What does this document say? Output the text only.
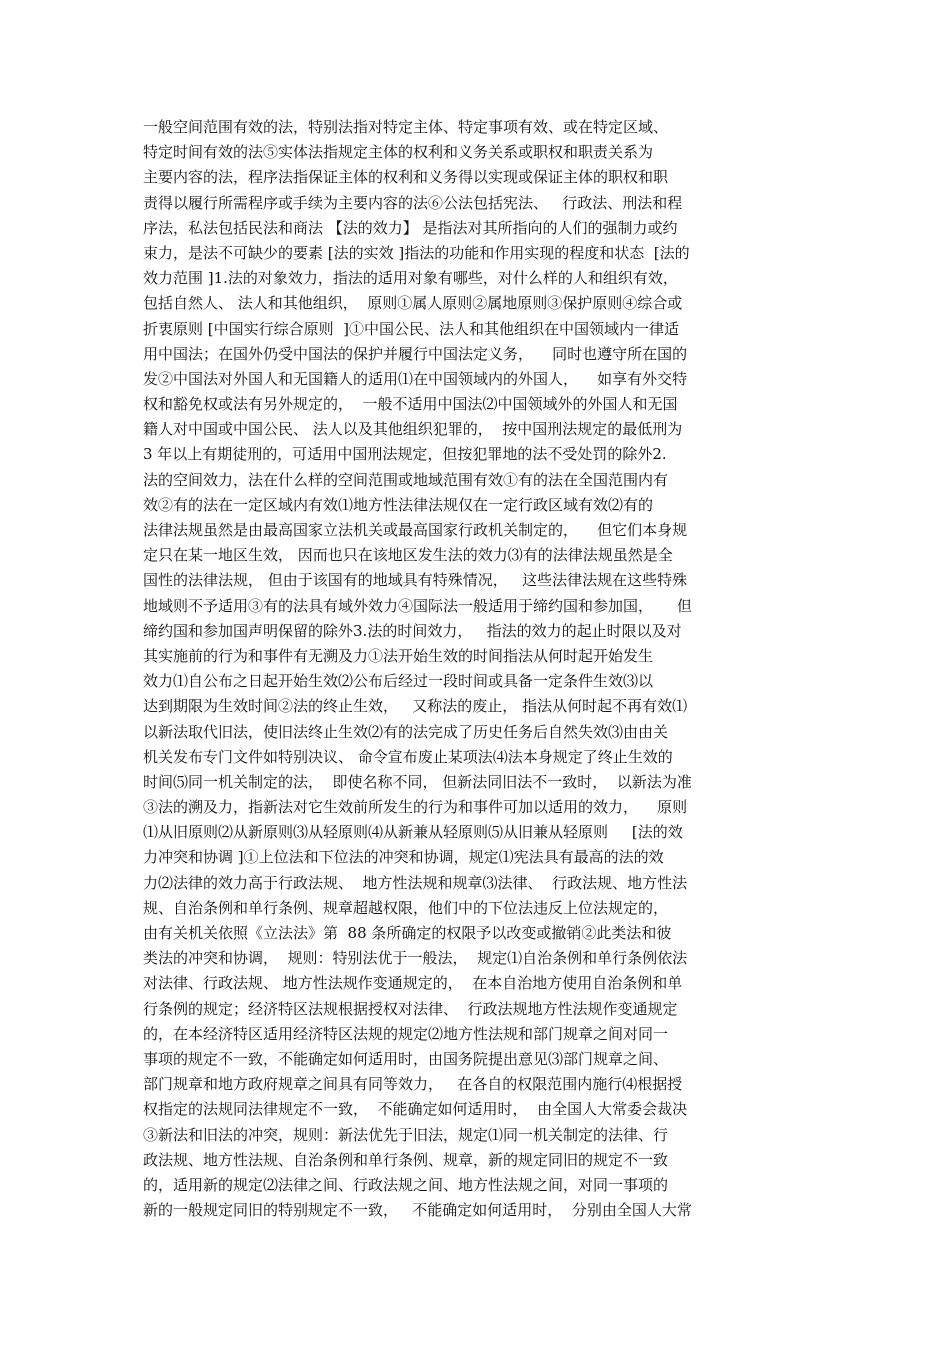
一般空间范围有效的法，特别法指对特定主体、特定事项有效、或在特定区域、
特定时间有效的法⑤实体法指规定主体的权利和义务关系或职权和职责关系为
主要内容的法，程序法指保证主体的权利和义务得以实现或保证主体的职权和职
责得以履行所需程序或手续为主要内容的法⑥公法包括宪法、   行政法、刑法和程
序法，私法包括民法和商法 【法的效力】 是指法对其所指向的人们的强制力或约
束力，是法不可缺少的要素 [法的实效 ]指法的功能和作用实现的程度和状态  [法的
效力范围 ]1.法的对象效力，指法的适用对象有哪些，对什么样的人和组织有效，
包括自然人、 法人和其他组织，  原则①属人原则②属地原则③保护原则④综合或
折衷原则 [中国实行综合原则  ]①中国公民、法人和其他组织在中国领域内一律适
用中国法；在国外仍受中国法的保护并履行中国法定义务，    同时也遵守所在国的
发②中国法对外国人和无国籍人的适用⑴在中国领域内的外国人，    如享有外交特
权和豁免权或法有另外规定的，  一般不适用中国法⑵中国领域外的外国人和无国
籍人对中国或中国公民、 法人以及其他组织犯罪的，  按中国刑法规定的最低刑为
3 年以上有期徒刑的，可适用中国刑法规定，但按犯罪地的法不受处罚的除外2.
法的空间效力，法在什么样的空间范围或地域范围有效①有的法在全国范围内有
效②有的法在一定区域内有效⑴地方性法律法规仅在一定行政区域有效⑵有的
法律法规虽然是由最高国家立法机关或最高国家行政机关制定的，    但它们本身规
定只在某一地区生效， 因而也只在该地区发生法的效力⑶有的法律法规虽然是全
国性的法律法规， 但由于该国有的地域具有特殊情况，   这些法律法规在这些特殊
地域则不予适用③有的法具有域外效力④国际法一般适用于缔约国和参加国，     但
缔约国和参加国声明保留的除外3.法的时间效力，   指法的效力的起止时限以及对
其实施前的行为和事件有无溯及力①法开始生效的时间指法从何时起开始发生
效力⑴自公布之日起开始生效⑵公布后经过一段时间或具备一定条件生效⑶以
达到期限为生效时间②法的终止生效，   又称法的废止， 指法从何时起不再有效⑴
以新法取代旧法，使旧法终止生效⑵有的法完成了历史任务后自然失效⑶由由关
机关发布专门文件如特别决议、 命令宣布废止某项法⑷法本身规定了终止生效的
时间⑸同一机关制定的法，  即使名称不同， 但新法同旧法不一致时，  以新法为准
③法的溯及力，指新法对它生效前所发生的行为和事件可加以适用的效力，    原则
⑴从旧原则⑵从新原则⑶从轻原则⑷从新兼从轻原则⑸从旧兼从轻原则     [法的效
力冲突和协调 ]①上位法和下位法的冲突和协调，规定⑴宪法具有最高的法的效
力⑵法律的效力高于行政法规、  地方性法规和规章⑶法律、  行政法规、地方性法
规、自治条例和单行条例、规章超越权限，他们中的下位法违反上位法规定的，
由有关机关依照《立法法》第  88 条所确定的权限予以改变或撤销②此类法和彼
类法的冲突和协调，  规则：特别法优于一般法，  规定⑴自治条例和单行条例依法
对法律、行政法规、 地方性法规作变通规定的，  在本自治地方使用自治条例和单
行条例的规定；经济特区法规根据授权对法律、  行政法规地方性法规作变通规定
的，在本经济特区适用经济特区法规的规定⑵地方性法规和部门规章之间对同一
事项的规定不一致，不能确定如何适用时，由国务院提出意见⑶部门规章之间、
部门规章和地方政府规章之间具有同等效力，   在各自的权限范围内施行⑷根据授
权指定的法规同法律规定不一致，  不能确定如何适用时，  由全国人大常委会裁决
③新法和旧法的冲突，规则：新法优先于旧法，规定⑴同一机关制定的法律、行
政法规、地方性法规、自治条例和单行条例、规章，新的规定同旧的规定不一致
的，适用新的规定⑵法律之间、行政法规之间、地方性法规之间，对同一事项的
新的一般规定同旧的特别规定不一致，   不能确定如何适用时，  分别由全国人大常
